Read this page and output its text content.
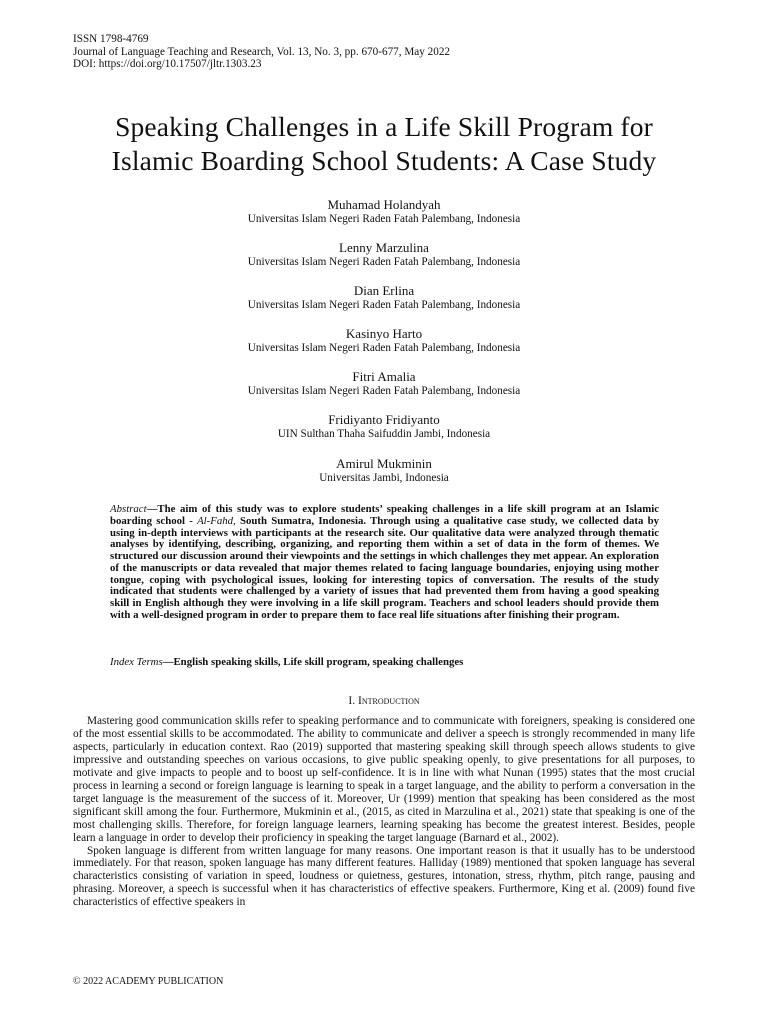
ISSN 1798-4769
Journal of Language Teaching and Research, Vol. 13, No. 3, pp. 670-677, May 2022
DOI: https://doi.org/10.17507/jltr.1303.23
Speaking Challenges in a Life Skill Program for
Islamic Boarding School Students: A Case Study
Muhamad Holandyah
Universitas Islam Negeri Raden Fatah Palembang, Indonesia
Lenny Marzulina
Universitas Islam Negeri Raden Fatah Palembang, Indonesia
Dian Erlina
Universitas Islam Negeri Raden Fatah Palembang, Indonesia
Kasinyo Harto
Universitas Islam Negeri Raden Fatah Palembang, Indonesia
Fitri Amalia
Universitas Islam Negeri Raden Fatah Palembang, Indonesia
Fridiyanto Fridiyanto
UIN Sulthan Thaha Saifuddin Jambi, Indonesia
Amirul Mukminin
Universitas Jambi, Indonesia

Abstract—The aim of this study was to explore students’ speaking challenges in a life skill program at an Islamic boarding school - Al-Fahd, South Sumatra, Indonesia. Through using a qualitative case study, we collected data by using in-depth interviews with participants at the research site. Our qualitative data were analyzed through thematic analyses by identifying, describing, organizing, and reporting them within a set of data in the form of themes. We structured our discussion around their viewpoints and the settings in which challenges they met appear. An exploration of the manuscripts or data revealed that major themes related to facing language boundaries, enjoying using mother tongue, coping with psychological issues, looking for interesting topics of conversation. The results of the study indicated that students were challenged by a variety of issues that had prevented them from having a good speaking skill in English although they were involving in a life skill program. Teachers and school leaders should provide them with a well-designed program in order to prepare them to face real life situations after finishing their program.

Index Terms—English speaking skills, Life skill program, speaking challenges

I. Introduction

Mastering good communication skills refer to speaking performance and to communicate with foreigners, speaking is considered one of the most essential skills to be accommodated. The ability to communicate and deliver a speech is strongly recommended in many life aspects, particularly in education context. Rao (2019) supported that mastering speaking skill through speech allows students to give impressive and outstanding speeches on various occasions, to give public speaking openly, to give presentations for all purposes, to motivate and give impacts to people and to boost up self-confidence. It is in line with what Nunan (1995) states that the most crucial process in learning a second or foreign language is learning to speak in a target language, and the ability to perform a conversation in the target language is the measurement of the success of it. Moreover, Ur (1999) mention that speaking has been considered as the most significant skill among the four. Furthermore, Mukminin et al., (2015, as cited in Marzulina et al., 2021) state that speaking is one of the most challenging skills. Therefore, for foreign language learners, learning speaking has become the greatest interest. Besides, people learn a language in order to develop their proficiency in speaking the target language (Barnard et al., 2002).

Spoken language is different from written language for many reasons. One important reason is that it usually has to be understood immediately. For that reason, spoken language has many different features. Halliday (1989) mentioned that spoken language has several characteristics consisting of variation in speed, loudness or quietness, gestures, intonation, stress, rhythm, pitch range, pausing and phrasing. Moreover, a speech is successful when it has characteristics of effective speakers. Furthermore, King et al. (2009) found five characteristics of effective speakers in

© 2022 ACADEMY PUBLICATION
